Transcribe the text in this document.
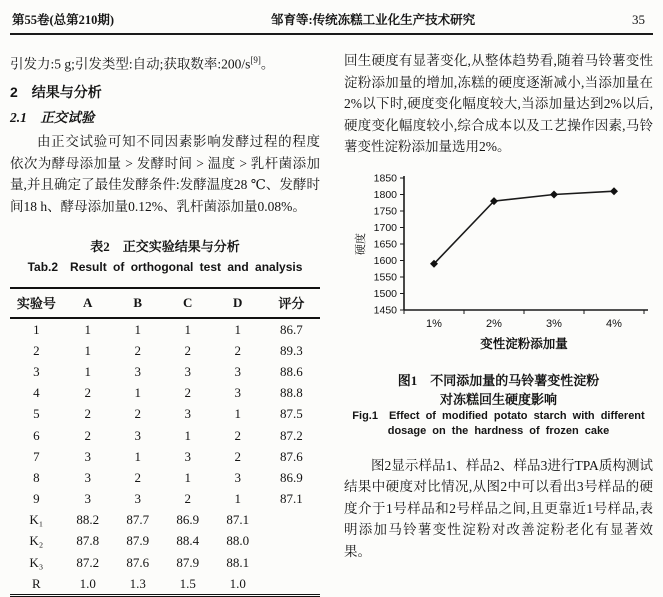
第55卷(总第210期)	邹育等:传统冻糕工业化生产技术研究	35

引发力:5 g;引发类型:自动;获取数率:200/s[9]。

2　结果与分析
2.1　正交试验

由正交试验可知不同因素影响发酵过程的程度依次为酵母添加量 > 发酵时间 > 温度 > 乳杆菌添加量,并且确定了最佳发酵条件:发酵温度28 ℃、发酵时间18 h、酵母添加量0.12%、乳杆菌添加量0.08%。

表2　正交实验结果与分析
Tab.2　Result of orthogonal test and analysis
实验号	A	B	C	D	评分
1	1	1	1	1	86.7
2	1	2	2	2	89.3
3	1	3	3	3	88.6
4	2	1	2	3	88.8
5	2	2	3	1	87.5
6	2	3	1	2	87.2
7	3	1	3	2	87.6
8	3	2	1	3	86.9
9	3	3	2	1	87.1
K₁	88.2	87.7	86.9	87.1	
K₂	87.8	87.9	88.4	88.0	
K₃	87.2	87.6	87.9	88.1	
R	1.0	1.3	1.5	1.0	

回生硬度有显著变化,从整体趋势看,随着马铃薯变性淀粉添加量的增加,冻糕的硬度逐渐减小,当添加量在2%以下时,硬度变化幅度较大,当添加量达到2%以后,硬度变化幅度较小,综合成本以及工艺操作因素,马铃薯变性淀粉添加量选用2%。

1450
1500
1550
1600
1650
1700
1750
1800
1850
1%	2%	3%	4%
硬度
变性淀粉添加量
图1　不同添加量的马铃薯变性淀粉
对冻糕回生硬度影响
Fig.1　Effect of modified potato starch with different
dosage on the hardness of frozen cake

图2显示样品1、样品2、样品3进行TPA质构测试结果中硬度对比情况,从图2中可以看出3号样品的硬度介于1号样品和2号样品之间,且更靠近1号样品,表明添加马铃薯变性淀粉对改善淀粉老化有显著效果。
